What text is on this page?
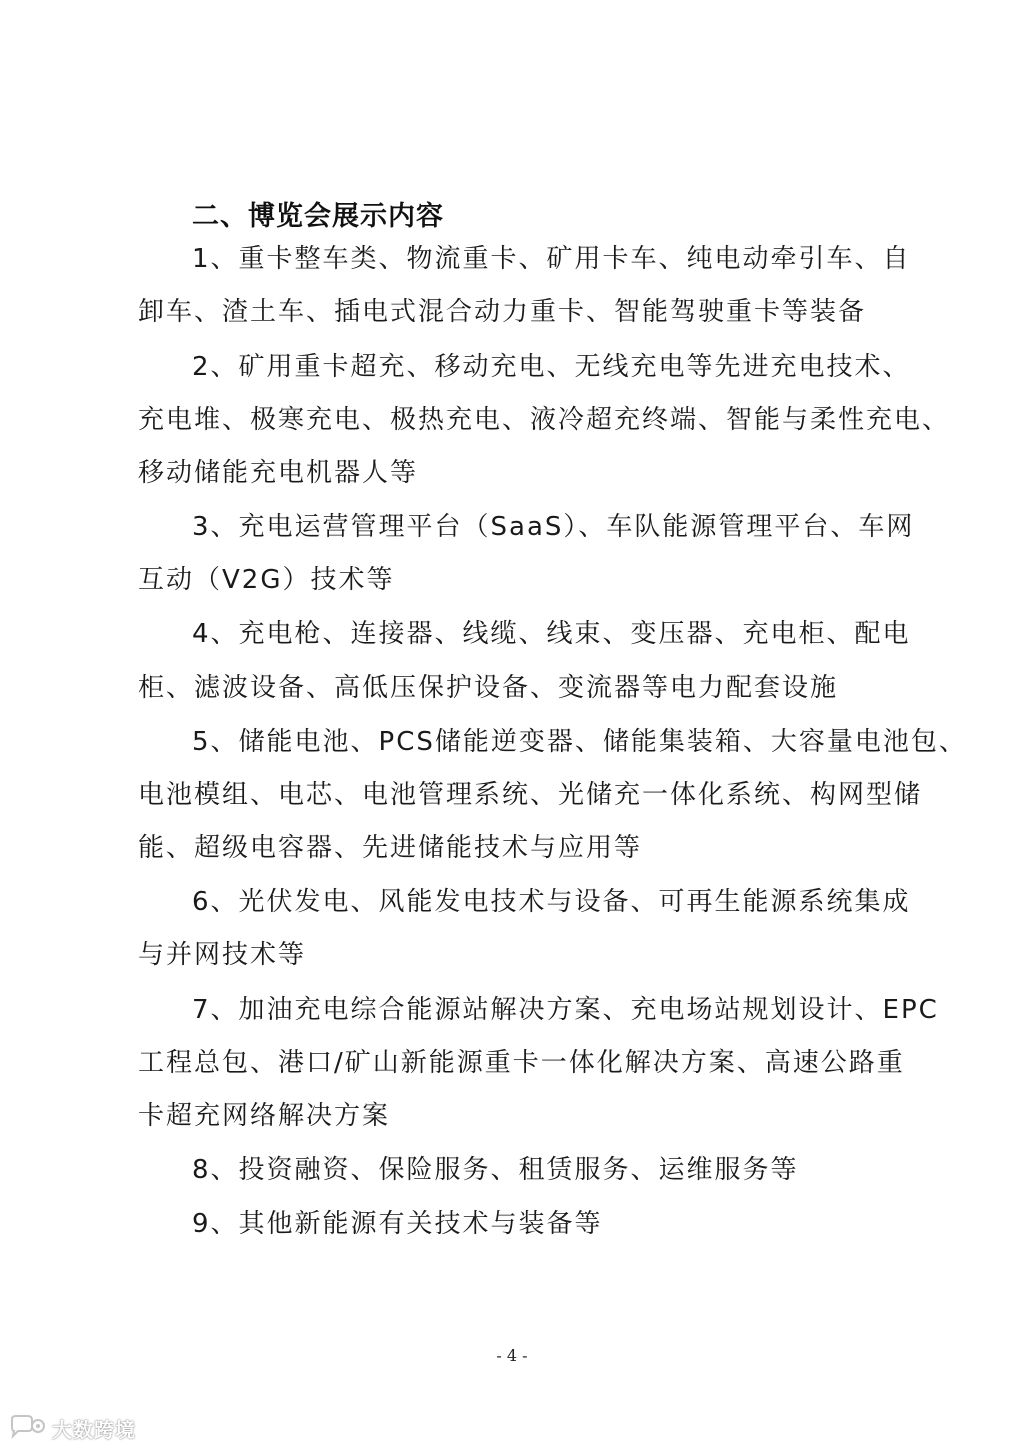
二、博览会展示内容
1、重卡整车类、物流重卡、矿用卡车、纯电动牵引车、自
卸车、渣土车、插电式混合动力重卡、智能驾驶重卡等装备
2、矿用重卡超充、移动充电、无线充电等先进充电技术、
充电堆、极寒充电、极热充电、液冷超充终端、智能与柔性充电、
移动储能充电机器人等
3、充电运营管理平台（SaaS）、车队能源管理平台、车网
互动（V2G）技术等
4、充电枪、连接器、线缆、线束、变压器、充电柜、配电
柜、滤波设备、高低压保护设备、变流器等电力配套设施
5、储能电池、PCS储能逆变器、储能集装箱、大容量电池包、
电池模组、电芯、电池管理系统、光储充一体化系统、构网型储
能、超级电容器、先进储能技术与应用等
6、光伏发电、风能发电技术与设备、可再生能源系统集成
与并网技术等
7、加油充电综合能源站解决方案、充电场站规划设计、EPC
工程总包、港口/矿山新能源重卡一体化解决方案、高速公路重
卡超充网络解决方案
8、投资融资、保险服务、租赁服务、运维服务等
9、其他新能源有关技术与装备等
- 4 -
大数跨境
